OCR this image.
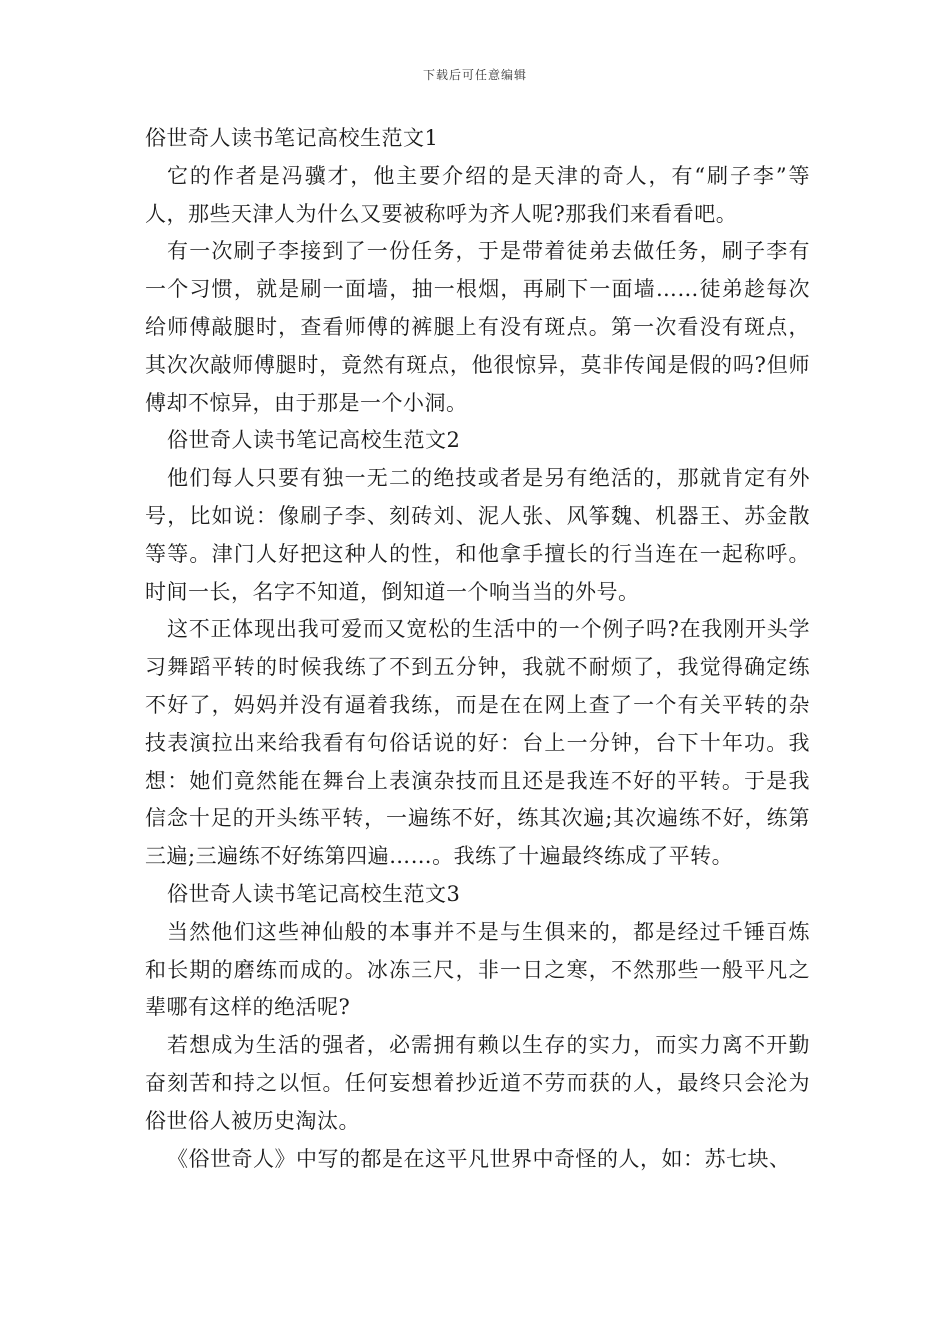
下载后可任意编辑

俗世奇人读书笔记高校生范文1

它的作者是冯骥才，他主要介绍的是天津的奇人，有“刷子李”等人，那些天津人为什么又要被称呼为齐人呢?那我们来看看吧。

有一次刷子李接到了一份任务，于是带着徒弟去做任务，刷子李有一个习惯，就是刷一面墙，抽一根烟，再刷下一面墙……徒弟趁每次给师傅敲腿时，查看师傅的裤腿上有没有斑点。第一次看没有斑点，其次次敲师傅腿时，竟然有斑点，他很惊异，莫非传闻是假的吗?但师傅却不惊异，由于那是一个小洞。

俗世奇人读书笔记高校生范文2

他们每人只要有独一无二的绝技或者是另有绝活的，那就肯定有外号，比如说：像刷子李、刻砖刘、泥人张、风筝魏、机器王、苏金散等等。津门人好把这种人的性，和他拿手擅长的行当连在一起称呼。时间一长，名字不知道，倒知道一个响当当的外号。

这不正体现出我可爱而又宽松的生活中的一个例子吗?在我刚开头学习舞蹈平转的时候我练了不到五分钟，我就不耐烦了，我觉得确定练不好了，妈妈并没有逼着我练，而是在在网上查了一个有关平转的杂技表演拉出来给我看有句俗话说的好：台上一分钟，台下十年功。我想：她们竟然能在舞台上表演杂技而且还是我连不好的平转。于是我信念十足的开头练平转，一遍练不好，练其次遍;其次遍练不好，练第三遍;三遍练不好练第四遍……。我练了十遍最终练成了平转。

俗世奇人读书笔记高校生范文3

当然他们这些神仙般的本事并不是与生俱来的，都是经过千锤百炼和长期的磨练而成的。冰冻三尺，非一日之寒，不然那些一般平凡之辈哪有这样的绝活呢?

若想成为生活的强者，必需拥有赖以生存的实力，而实力离不开勤奋刻苦和持之以恒。任何妄想着抄近道不劳而获的人，最终只会沦为俗世俗人被历史淘汰。

《俗世奇人》中写的都是在这平凡世界中奇怪的人，如：苏七块、
